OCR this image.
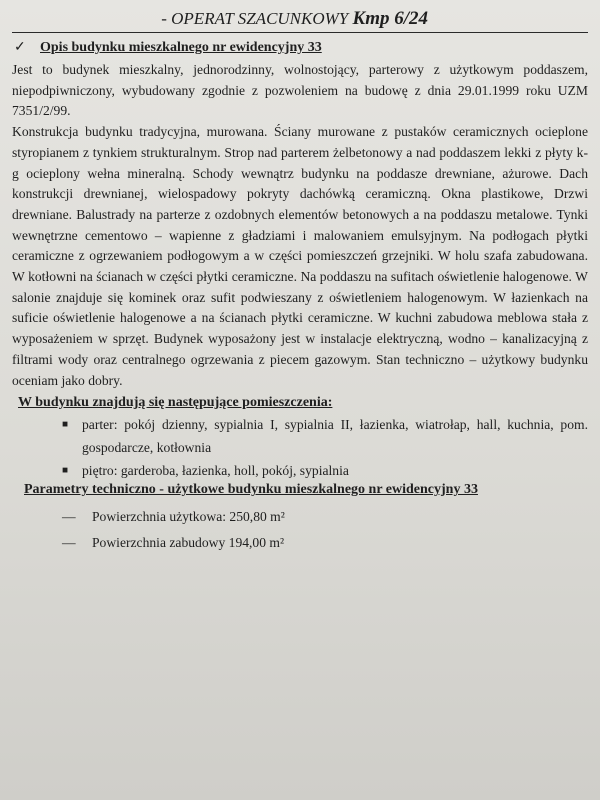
- OPERAT SZACUNKOWY Kmp 6/24
✓	Opis budynku mieszkalnego nr ewidencyjny 33

Jest to budynek mieszkalny, jednorodzinny, wolnostojący, parterowy z użytkowym poddaszem, niepodpiwniczony, wybudowany zgodnie z pozwoleniem na budowę z dnia 29.01.1999 roku UZM 7351/2/99.

Konstrukcja budynku tradycyjna, murowana. Ściany murowane z pustaków ceramicznych ocieplone styropianem z tynkiem strukturalnym. Strop nad parterem żelbetonowy a nad poddaszem lekki z płyty k-g ocieplony wełna mineralną. Schody wewnątrz budynku na poddasze drewniane, ażurowe. Dach konstrukcji drewnianej, wielospadowy pokryty dachówką ceramiczną. Okna plastikowe, Drzwi drewniane. Balustrady na parterze z ozdobnych elementów betonowych a na poddaszu metalowe. Tynki wewnętrzne cementowo – wapienne z gładziami i malowaniem emulsyjnym. Na podłogach płytki ceramiczne z ogrzewaniem podłogowym a w części pomieszczeń grzejniki. W holu szafa zabudowana. W kotłowni na ścianach w części płytki ceramiczne. Na poddaszu na sufitach oświetlenie halogenowe. W salonie znajduje się kominek oraz sufit podwieszany z oświetleniem halogenowym. W łazienkach na suficie oświetlenie halogenowe a na ścianach płytki ceramiczne. W kuchni zabudowa meblowa stała z wyposażeniem w sprzęt. Budynek wyposażony jest w instalacje elektryczną, wodno – kanalizacyjną z filtrami wody oraz centralnego ogrzewania z piecem gazowym. Stan techniczno – użytkowy budynku oceniam jako dobry.

W budynku znajdują się następujące pomieszczenia:
■	parter: pokój dzienny, sypialnia I, sypialnia II, łazienka, wiatrołap, hall, kuchnia, pom. gospodarcze, kotłownia
■	piętro: garderoba, łazienka, holl, pokój, sypialnia
Parametry techniczno - użytkowe budynku mieszkalnego nr ewidencyjny 33
—	Powierzchnia użytkowa: 250,80 m²
—	Powierzchnia zabudowy 194,00 m²
